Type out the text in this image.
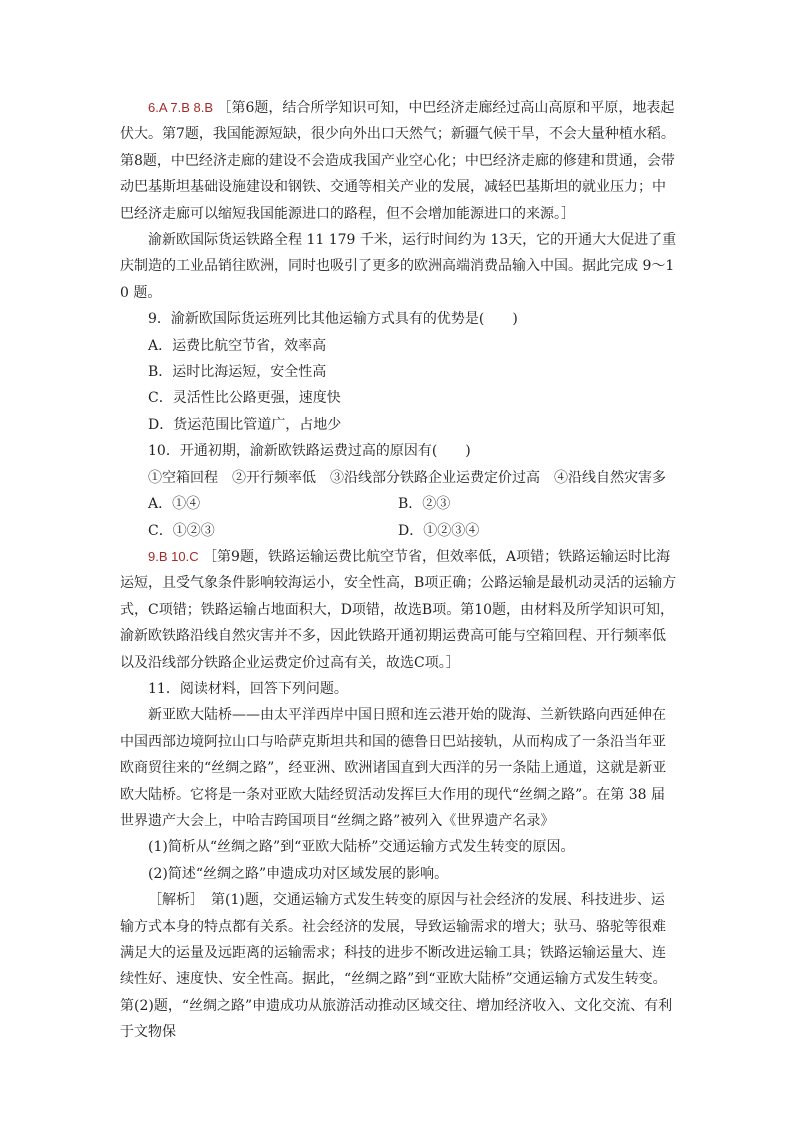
6.A 7.B 8.B ［第6题，结合所学知识可知，中巴经济走廊经过高山高原和平原，地表起伏大。第7题，我国能源短缺，很少向外出口天然气；新疆气候干旱，不会大量种植水稻。第8题，中巴经济走廊的建设不会造成我国产业空心化；中巴经济走廊的修建和贯通，会带动巴基斯坦基础设施建设和钢铁、交通等相关产业的发展，减轻巴基斯坦的就业压力；中巴经济走廊可以缩短我国能源进口的路程，但不会增加能源进口的来源。］

渝新欧国际货运铁路全程 11 179 千米，运行时间约为 13天，它的开通大大促进了重庆制造的工业品销往欧洲，同时也吸引了更多的欧洲高端消费品输入中国。据此完成 9～10 题。

9．渝新欧国际货运班列比其他运输方式具有的优势是(　　)

A．运费比航空节省，效率高

B．运时比海运短，安全性高

C．灵活性比公路更强，速度快

D．货运范围比管道广，占地少

10．开通初期，渝新欧铁路运费过高的原因有(　　)

①空箱回程　②开行频率低　③沿线部分铁路企业运费定价过高　④沿线自然灾害多

A．①④	B．②③
C．①②③	D．①②③④

9.B 10.C ［第9题，铁路运输运费比航空节省，但效率低，A项错；铁路运输运时比海运短，且受气象条件影响较海运小，安全性高，B项正确；公路运输是最机动灵活的运输方式，C项错；铁路运输占地面积大，D项错，故选B项。第10题，由材料及所学知识可知，渝新欧铁路沿线自然灾害并不多，因此铁路开通初期运费高可能与空箱回程、开行频率低以及沿线部分铁路企业运费定价过高有关，故选C项。］

11．阅读材料，回答下列问题。

新亚欧大陆桥——由太平洋西岸中国日照和连云港开始的陇海、兰新铁路向西延伸在中国西部边境阿拉山口与哈萨克斯坦共和国的德鲁日巴站接轨，从而构成了一条沿当年亚欧商贸往来的“丝绸之路”，经亚洲、欧洲诸国直到大西洋的另一条陆上通道，这就是新亚欧大陆桥。它将是一条对亚欧大陆经贸活动发挥巨大作用的现代“丝绸之路”。在第 38 届世界遗产大会上，中哈吉跨国项目“丝绸之路”被列入《世界遗产名录》

(1)简析从“丝绸之路”到“亚欧大陆桥”交通运输方式发生转变的原因。

(2)简述“丝绸之路”申遗成功对区域发展的影响。

［解析］　第(1)题，交通运输方式发生转变的原因与社会经济的发展、科技进步、运输方式本身的特点都有关系。社会经济的发展，导致运输需求的增大；驮马、骆驼等很难满足大的运量及远距离的运输需求；科技的进步不断改进运输工具；铁路运输运量大、连续性好、速度快、安全性高。据此，“丝绸之路”到“亚欧大陆桥”交通运输方式发生转变。第(2)题，“丝绸之路”申遗成功从旅游活动推动区域交往、增加经济收入、文化交流、有利于文物保
